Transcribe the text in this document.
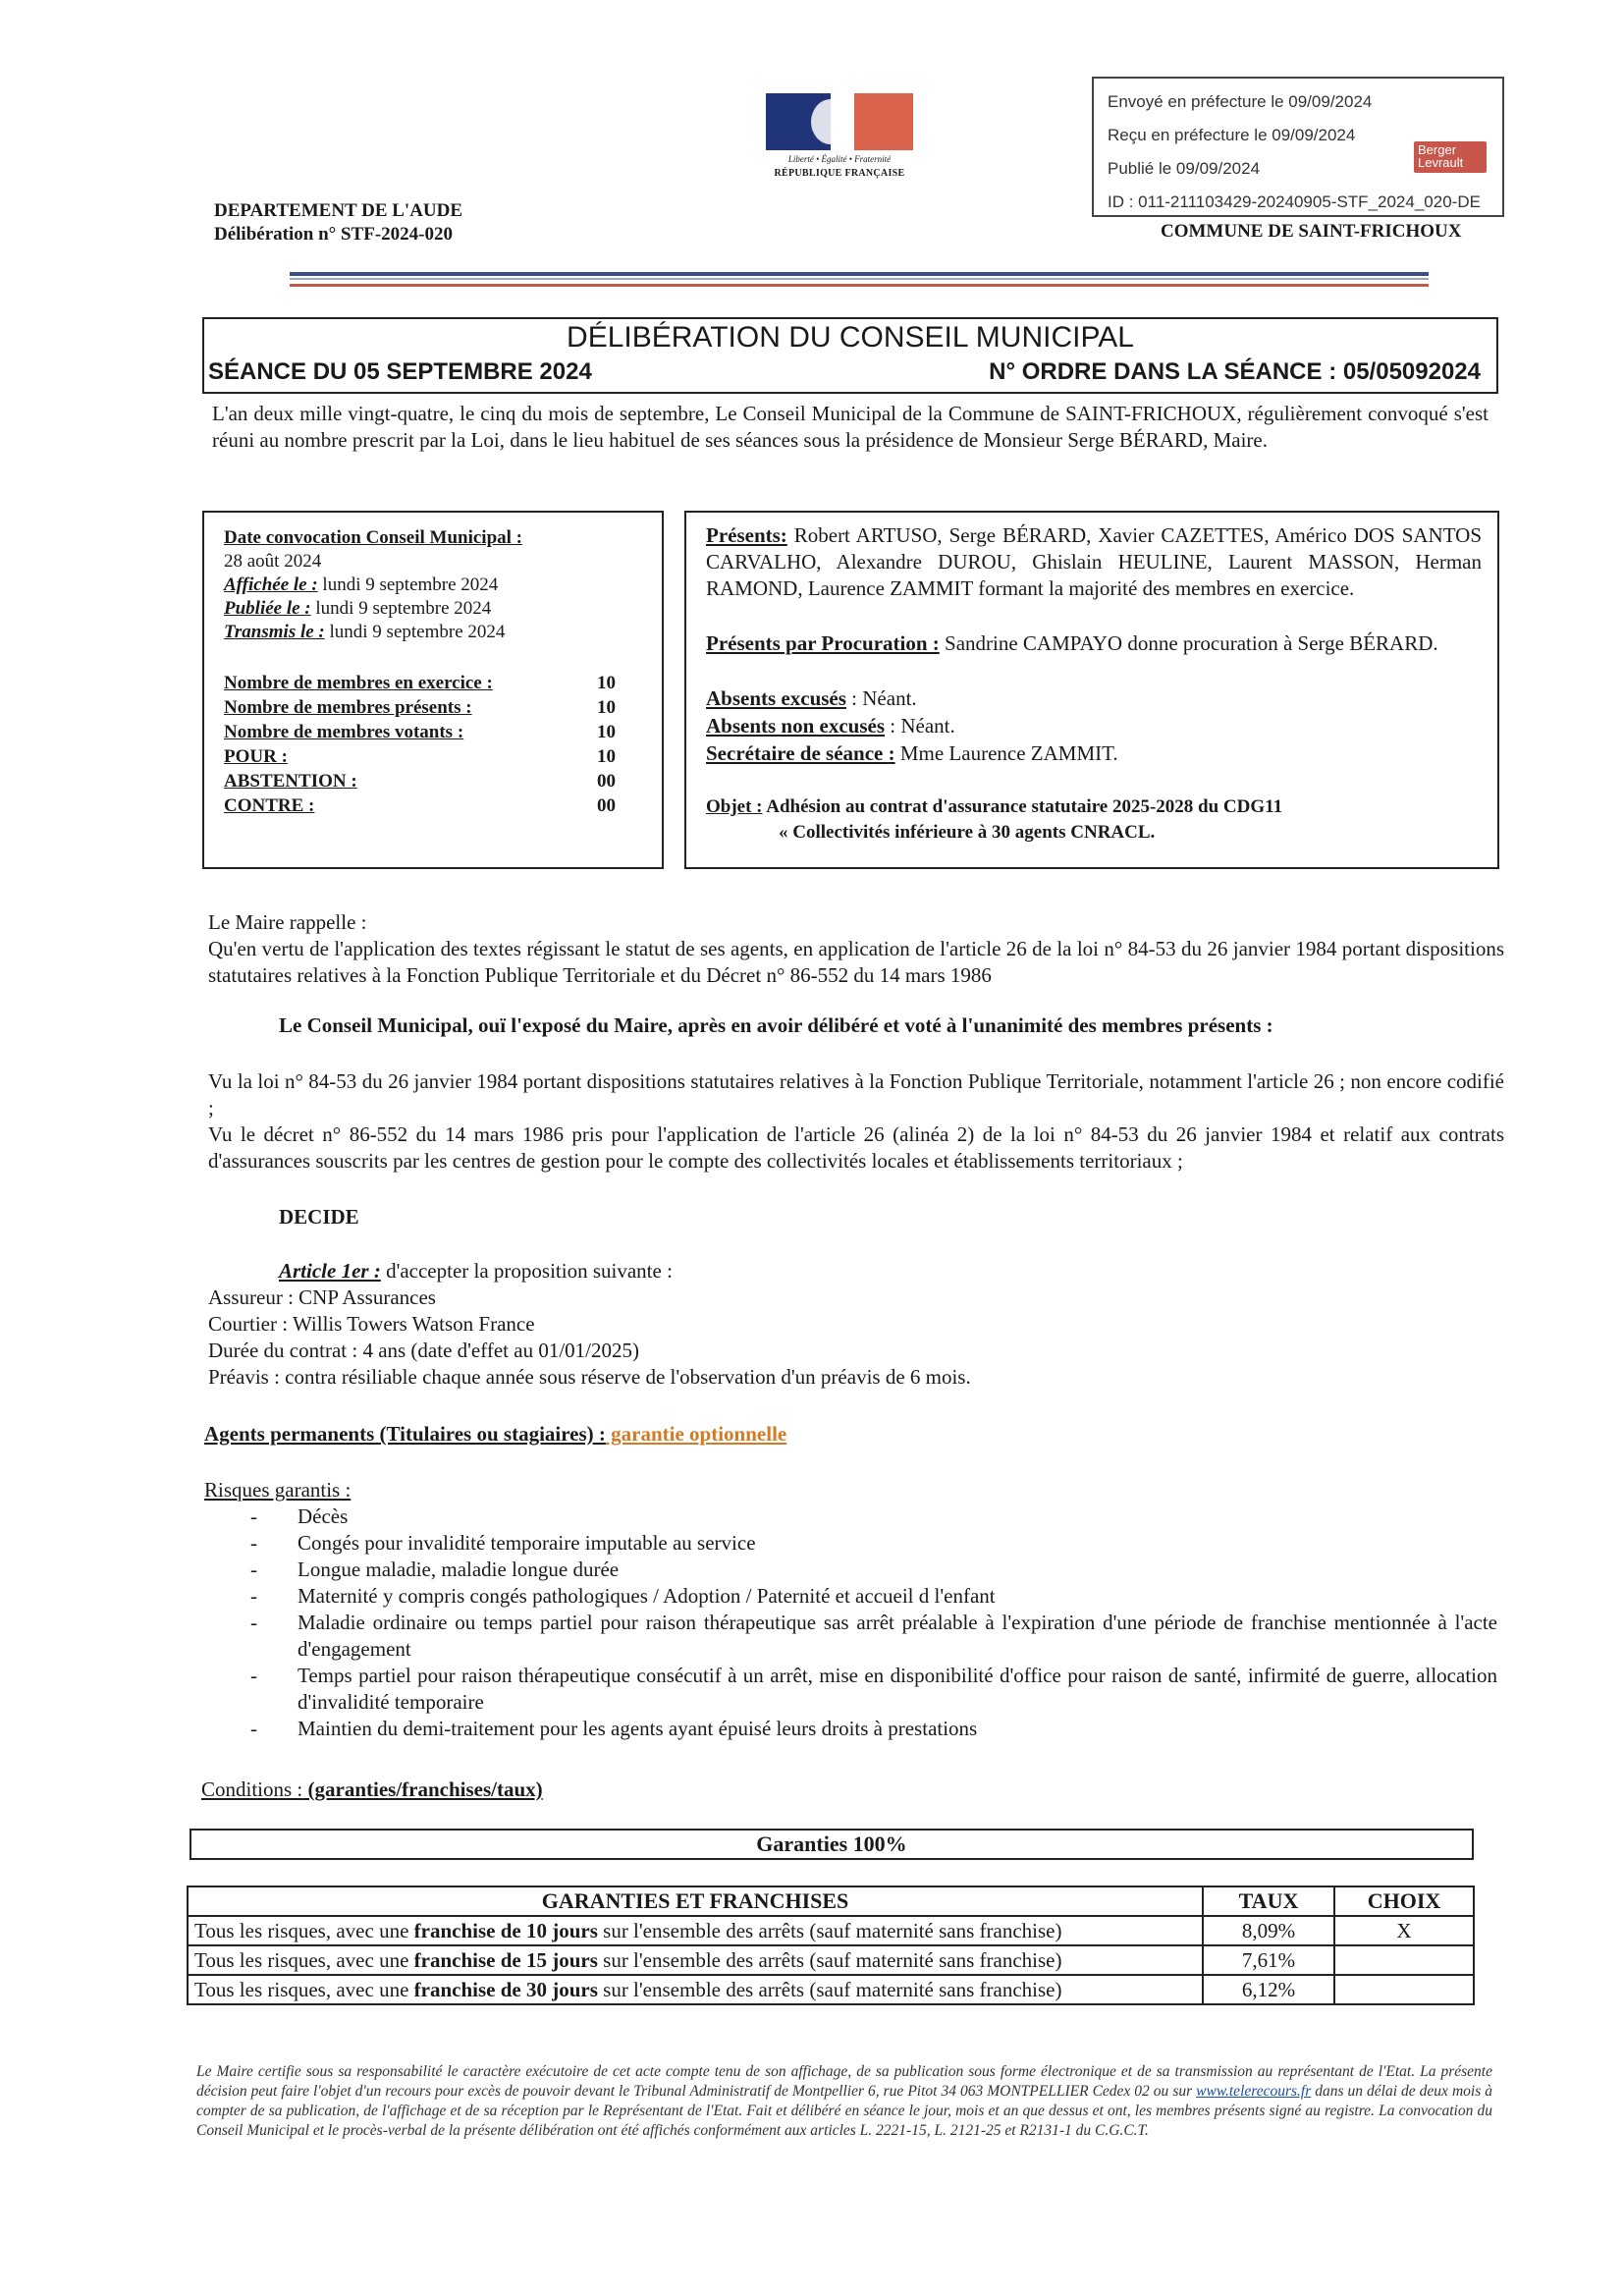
Envoyé en préfecture le 09/09/2024
Reçu en préfecture le 09/09/2024
Publié le 09/09/2024
ID : 011-211103429-20240905-STF_2024_020-DE
Berger Levrault
Liberté • Égalité • Fraternité
RÉPUBLIQUE FRANÇAISE
DEPARTEMENT DE L'AUDE
Délibération n° STF-2024-020	COMMUNE DE SAINT-FRICHOUX
DÉLIBÉRATION DU CONSEIL MUNICIPAL
SÉANCE DU 05 SEPTEMBRE 2024	N° ORDRE DANS LA SÉANCE : 05/05092024
L'an deux mille vingt-quatre, le cinq du mois de septembre, Le Conseil Municipal de la Commune de SAINT-FRICHOUX, régulièrement convoqué s'est réuni au nombre prescrit par la Loi, dans le lieu habituel de ses séances sous la présidence de Monsieur Serge BÉRARD, Maire.
Date convocation Conseil Municipal :
28 août 2024
Affichée le : lundi 9 septembre 2024
Publiée le : lundi 9 septembre 2024
Transmis le : lundi 9 septembre 2024
Nombre de membres en exercice :	10
Nombre de membres présents :	10
Nombre de membres votants :	10
POUR :	10
ABSTENTION :	00
CONTRE :	00
Présents: Robert ARTUSO, Serge BÉRARD, Xavier CAZETTES, Américo DOS SANTOS CARVALHO, Alexandre DUROU, Ghislain HEULINE, Laurent MASSON, Herman RAMOND, Laurence ZAMMIT formant la majorité des membres en exercice.
Présents par Procuration : Sandrine CAMPAYO donne procuration à Serge BÉRARD.
Absents excusés : Néant.
Absents non excusés : Néant.
Secrétaire de séance : Mme Laurence ZAMMIT.
Objet : Adhésion au contrat d'assurance statutaire 2025-2028 du CDG11
« Collectivités inférieure à 30 agents CNRACL.
Le Maire rappelle :
Qu'en vertu de l'application des textes régissant le statut de ses agents, en application de l'article 26 de la loi n° 84-53 du 26 janvier 1984 portant dispositions statutaires relatives à la Fonction Publique Territoriale et du Décret n° 86-552 du 14 mars 1986
Le Conseil Municipal, ouï l'exposé du Maire, après en avoir délibéré et voté à l'unanimité des membres présents :
Vu la loi n° 84-53 du 26 janvier 1984 portant dispositions statutaires relatives à la Fonction Publique Territoriale, notamment l'article 26 ; non encore codifié ;
Vu le décret n° 86-552 du 14 mars 1986 pris pour l'application de l'article 26 (alinéa 2) de la loi n° 84-53 du 26 janvier 1984 et relatif aux contrats d'assurances souscrits par les centres de gestion pour le compte des collectivités locales et établissements territoriaux ;
DECIDE
Article 1er : d'accepter la proposition suivante :
Assureur : CNP Assurances
Courtier : Willis Towers Watson France
Durée du contrat : 4 ans (date d'effet au 01/01/2025)
Préavis : contra résiliable chaque année sous réserve de l'observation d'un préavis de 6 mois.
Agents permanents (Titulaires ou stagiaires) : garantie optionnelle
Risques garantis :
- Décès
- Congés pour invalidité temporaire imputable au service
- Longue maladie, maladie longue durée
- Maternité y compris congés pathologiques / Adoption / Paternité et accueil d l'enfant
- Maladie ordinaire ou temps partiel pour raison thérapeutique sas arrêt préalable à l'expiration d'une période de franchise mentionnée à l'acte d'engagement
- Temps partiel pour raison thérapeutique consécutif à un arrêt, mise en disponibilité d'office pour raison de santé, infirmité de guerre, allocation d'invalidité temporaire
- Maintien du demi-traitement pour les agents ayant épuisé leurs droits à prestations
Conditions : (garanties/franchises/taux)
Garanties 100%
GARANTIES ET FRANCHISES	TAUX	CHOIX
Tous les risques, avec une franchise de 10 jours sur l'ensemble des arrêts (sauf maternité sans franchise)	8,09%	X
Tous les risques, avec une franchise de 15 jours sur l'ensemble des arrêts (sauf maternité sans franchise)	7,61%	
Tous les risques, avec une franchise de 30 jours sur l'ensemble des arrêts (sauf maternité sans franchise)	6,12%	
Le Maire certifie sous sa responsabilité le caractère exécutoire de cet acte compte tenu de son affichage, de sa publication sous forme électronique et de sa transmission au représentant de l'Etat. La présente décision peut faire l'objet d'un recours pour excès de pouvoir devant le Tribunal Administratif de Montpellier 6, rue Pitot 34 063 MONTPELLIER Cedex 02 ou sur www.telerecours.fr dans un délai de deux mois à compter de sa publication, de l'affichage et de sa réception par le Représentant de l'Etat. Fait et délibéré en séance le jour, mois et an que dessus et ont, les membres présents signé au registre. La convocation du Conseil Municipal et le procès-verbal de la présente délibération ont été affichés conformément aux articles L. 2221-15, L. 2121-25 et R2131-1 du C.G.C.T.
